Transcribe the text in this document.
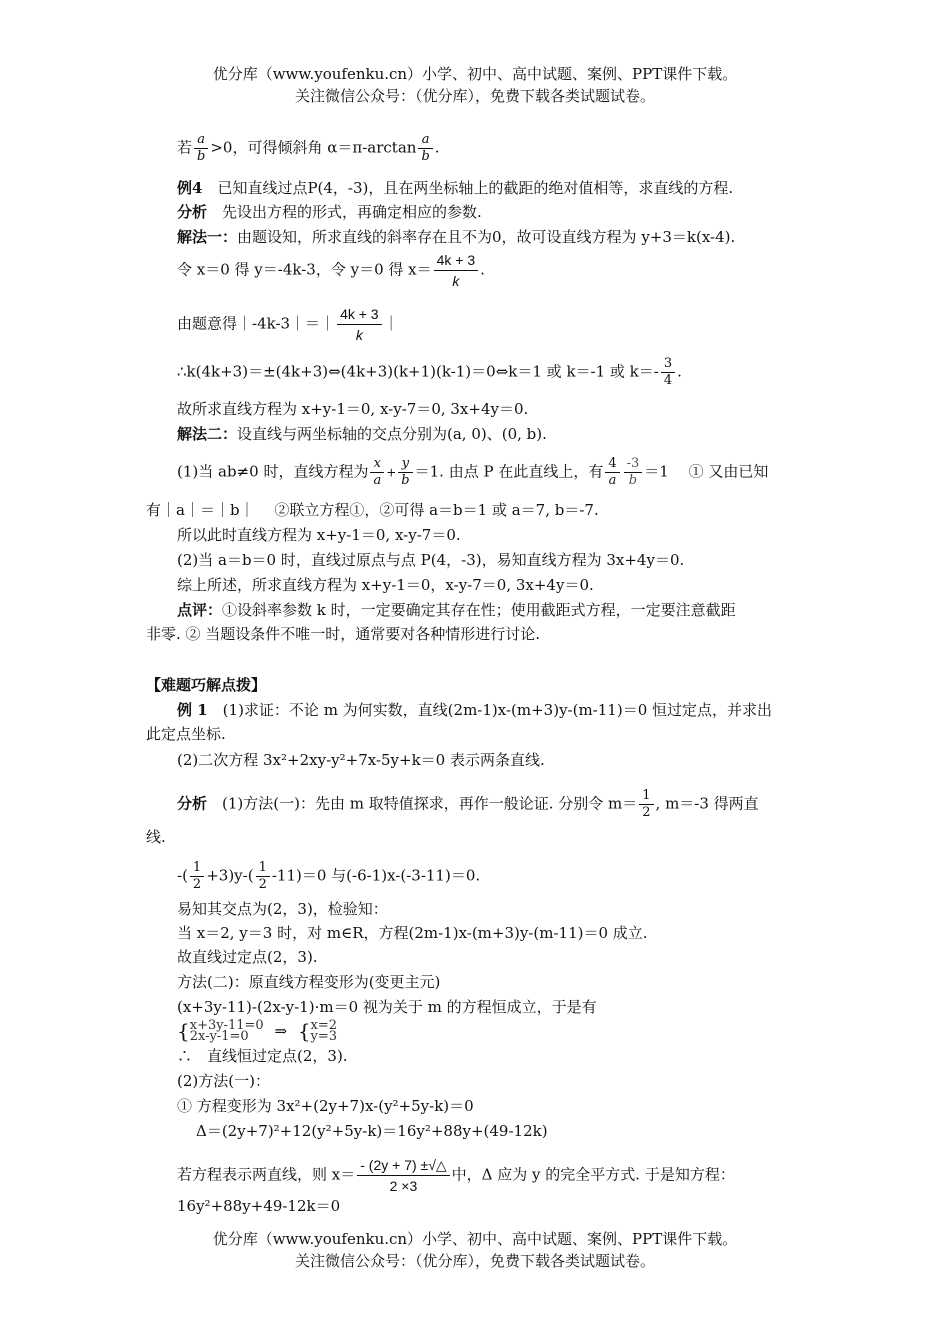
优分库（www.youfenku.cn）小学、初中、高中试题、案例、PPT课件下载。
关注微信公众号：（优分库），免费下载各类试题试卷。
若 $\frac{a}{b} >0$，可得倾斜角 $\alpha=\pi-\arctan \frac{a}{b}$ .
例4　已知直线过点P(4，-3)，且在两坐标轴上的截距的绝对值相等，求直线的方程.
分析　先设出方程的形式，再确定相应的参数.
解法一：由题设知，所求直线的斜率存在且不为0，故可设直线方程为 y+3＝k(x-4).
令 x＝0 得 y＝-4k-3，令 y＝0 得 $x= \frac{4k + 3}{k}$ .
由题意得｜-4k-3｜＝｜ $\frac{4k + 3}{k}$ ｜
∴k(4k+3)＝±(4k+3)⇔(4k+3)(k+1)(k-1)＝0⇔k＝1 或 k＝-1 或 $k=- \frac{3}{4}$ .
故所求直线方程为 x+y-1＝0, x-y-7＝0, 3x+4y＝0.
解法二：设直线与两坐标轴的交点分别为(a, 0)、(0, b).
(1)当 ab≠0 时，直线方程为 $\frac{x}{a} + \frac{y}{b} =1$. 由点 P 在此直线上，有 $\frac{4}{a} \frac{-3}{b} =1$　 ① 又由已知
有｜a｜＝｜b｜　 ②联立方程①，②可得 a＝b＝1 或 a＝7, b＝-7.
所以此时直线方程为 x+y-1＝0, x-y-7＝0.
(2)当 a＝b＝0 时，直线过原点与点 P(4，-3)，易知直线方程为 3x+4y＝0.
综上所述，所求直线方程为 x+y-1＝0，x-y-7＝0, 3x+4y＝0.
点评：①设斜率参数 k 时，一定要确定其存在性；使用截距式方程，一定要注意截距
非零. ② 当题设条件不唯一时，通常要对各种情形进行讨论.
【难题巧解点拨】
例 1　(1)求证：不论 m 为何实数，直线(2m-1)x-(m+3)y-(m-11)＝0 恒过定点，并求出
此定点坐标.
(2)二次方程 3x²+2xy-y²+7x-5y+k＝0 表示两条直线.
分析　(1)方法(一)：先由 m 取特值探求，再作一般论证. 分别令 $m= \frac{1}{2}$ , m＝-3 得两直
线.
-( $\frac{1}{2} +3)y-( \frac{1}{2} -11)=0$ 与(-6-1)x-(-3-11)＝0.
易知其交点为(2，3)，检验知：
当 x＝2, y＝3 时，对 m∈R，方程(2m-1)x-(m+3)y-(m-11)＝0 成立.
故直线过定点(2，3).
方法(二)：原直线方程变形为(变更主元)
(x+3y-11)-(2x-y-1)·m＝0 视为关于 m 的方程恒成立，于是有
{ x+3y-11=0
2x-y-1=0	⇒ { x=2
y=3
∴　直线恒过定点(2，3).
(2)方法(一)：
① 方程变形为 3x²+(2y+7)x-(y²+5y-k)＝0
Δ＝(2y+7)²+12(y²+5y-k)＝16y²+88y+(49-12k)
若方程表示两直线，则 $x= \frac{- (2y + 7) \pm√\triangle}{2 \times 3}$ 中，Δ 应为 y 的完全平方式. 于是知方程：
16y²+88y+49-12k＝0
优分库（www.youfenku.cn）小学、初中、高中试题、案例、PPT课件下载。
关注微信公众号：（优分库），免费下载各类试题试卷。
